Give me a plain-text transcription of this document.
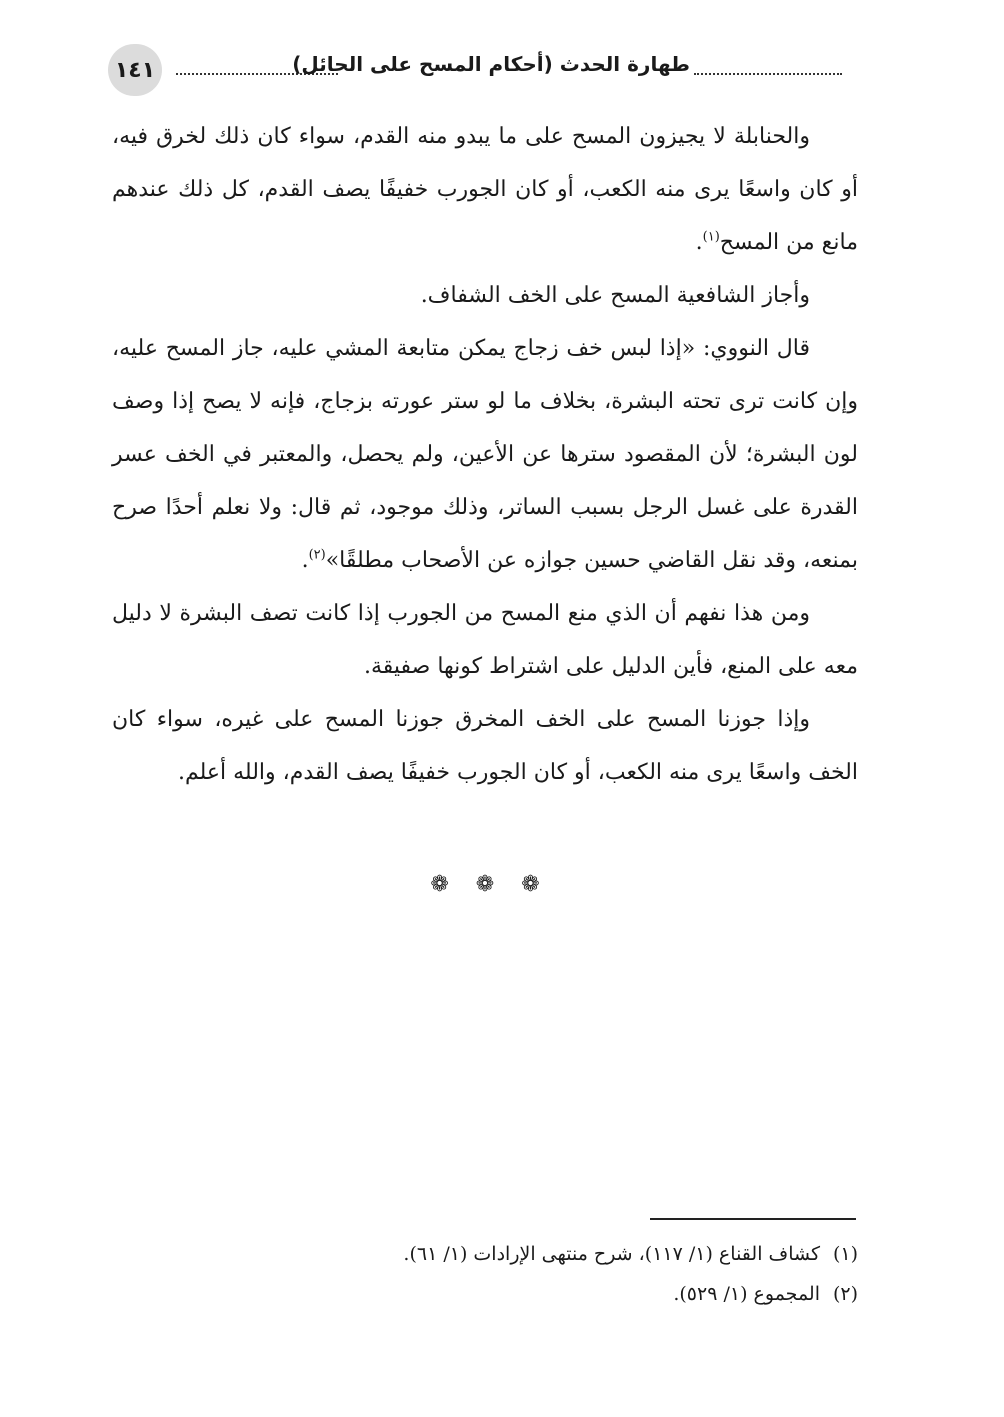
١٤١	طهارة الحدث (أحكام المسح على الحائل)

والحنابلة لا يجيزون المسح على ما يبدو منه القدم، سواء كان ذلك لخرق فيه، أو كان واسعًا يرى منه الكعب، أو كان الجورب خفيفًا يصف القدم، كل ذلك عندهم مانع من المسح$^{(١)}$.

وأجاز الشافعية المسح على الخف الشفاف.

قال النووي: «إذا لبس خف زجاج يمكن متابعة المشي عليه، جاز المسح عليه، وإن كانت ترى تحته البشرة، بخلاف ما لو ستر عورته بزجاج، فإنه لا يصح إذا وصف لون البشرة؛ لأن المقصود سترها عن الأعين، ولم يحصل، والمعتبر في الخف عسر القدرة على غسل الرجل بسبب الساتر، وذلك موجود، ثم قال: ولا نعلم أحدًا صرح بمنعه، وقد نقل القاضي حسين جوازه عن الأصحاب مطلقًا»$^{(٢)}$.

ومن هذا نفهم أن الذي منع المسح من الجورب إذا كانت تصف البشرة لا دليل معه على المنع، فأين الدليل على اشتراط كونها صفيقة.

وإذا جوزنا المسح على الخف المخرق جوزنا المسح على غيره، سواء كان الخف واسعًا يرى منه الكعب، أو كان الجورب خفيفًا يصف القدم، والله أعلم.

❁ ❁ ❁
(١)كشاف القناع (١/ ١١٧)، شرح منتهى الإرادات (١/ ٦١).
(٢)المجموع (١/ ٥٢٩).
